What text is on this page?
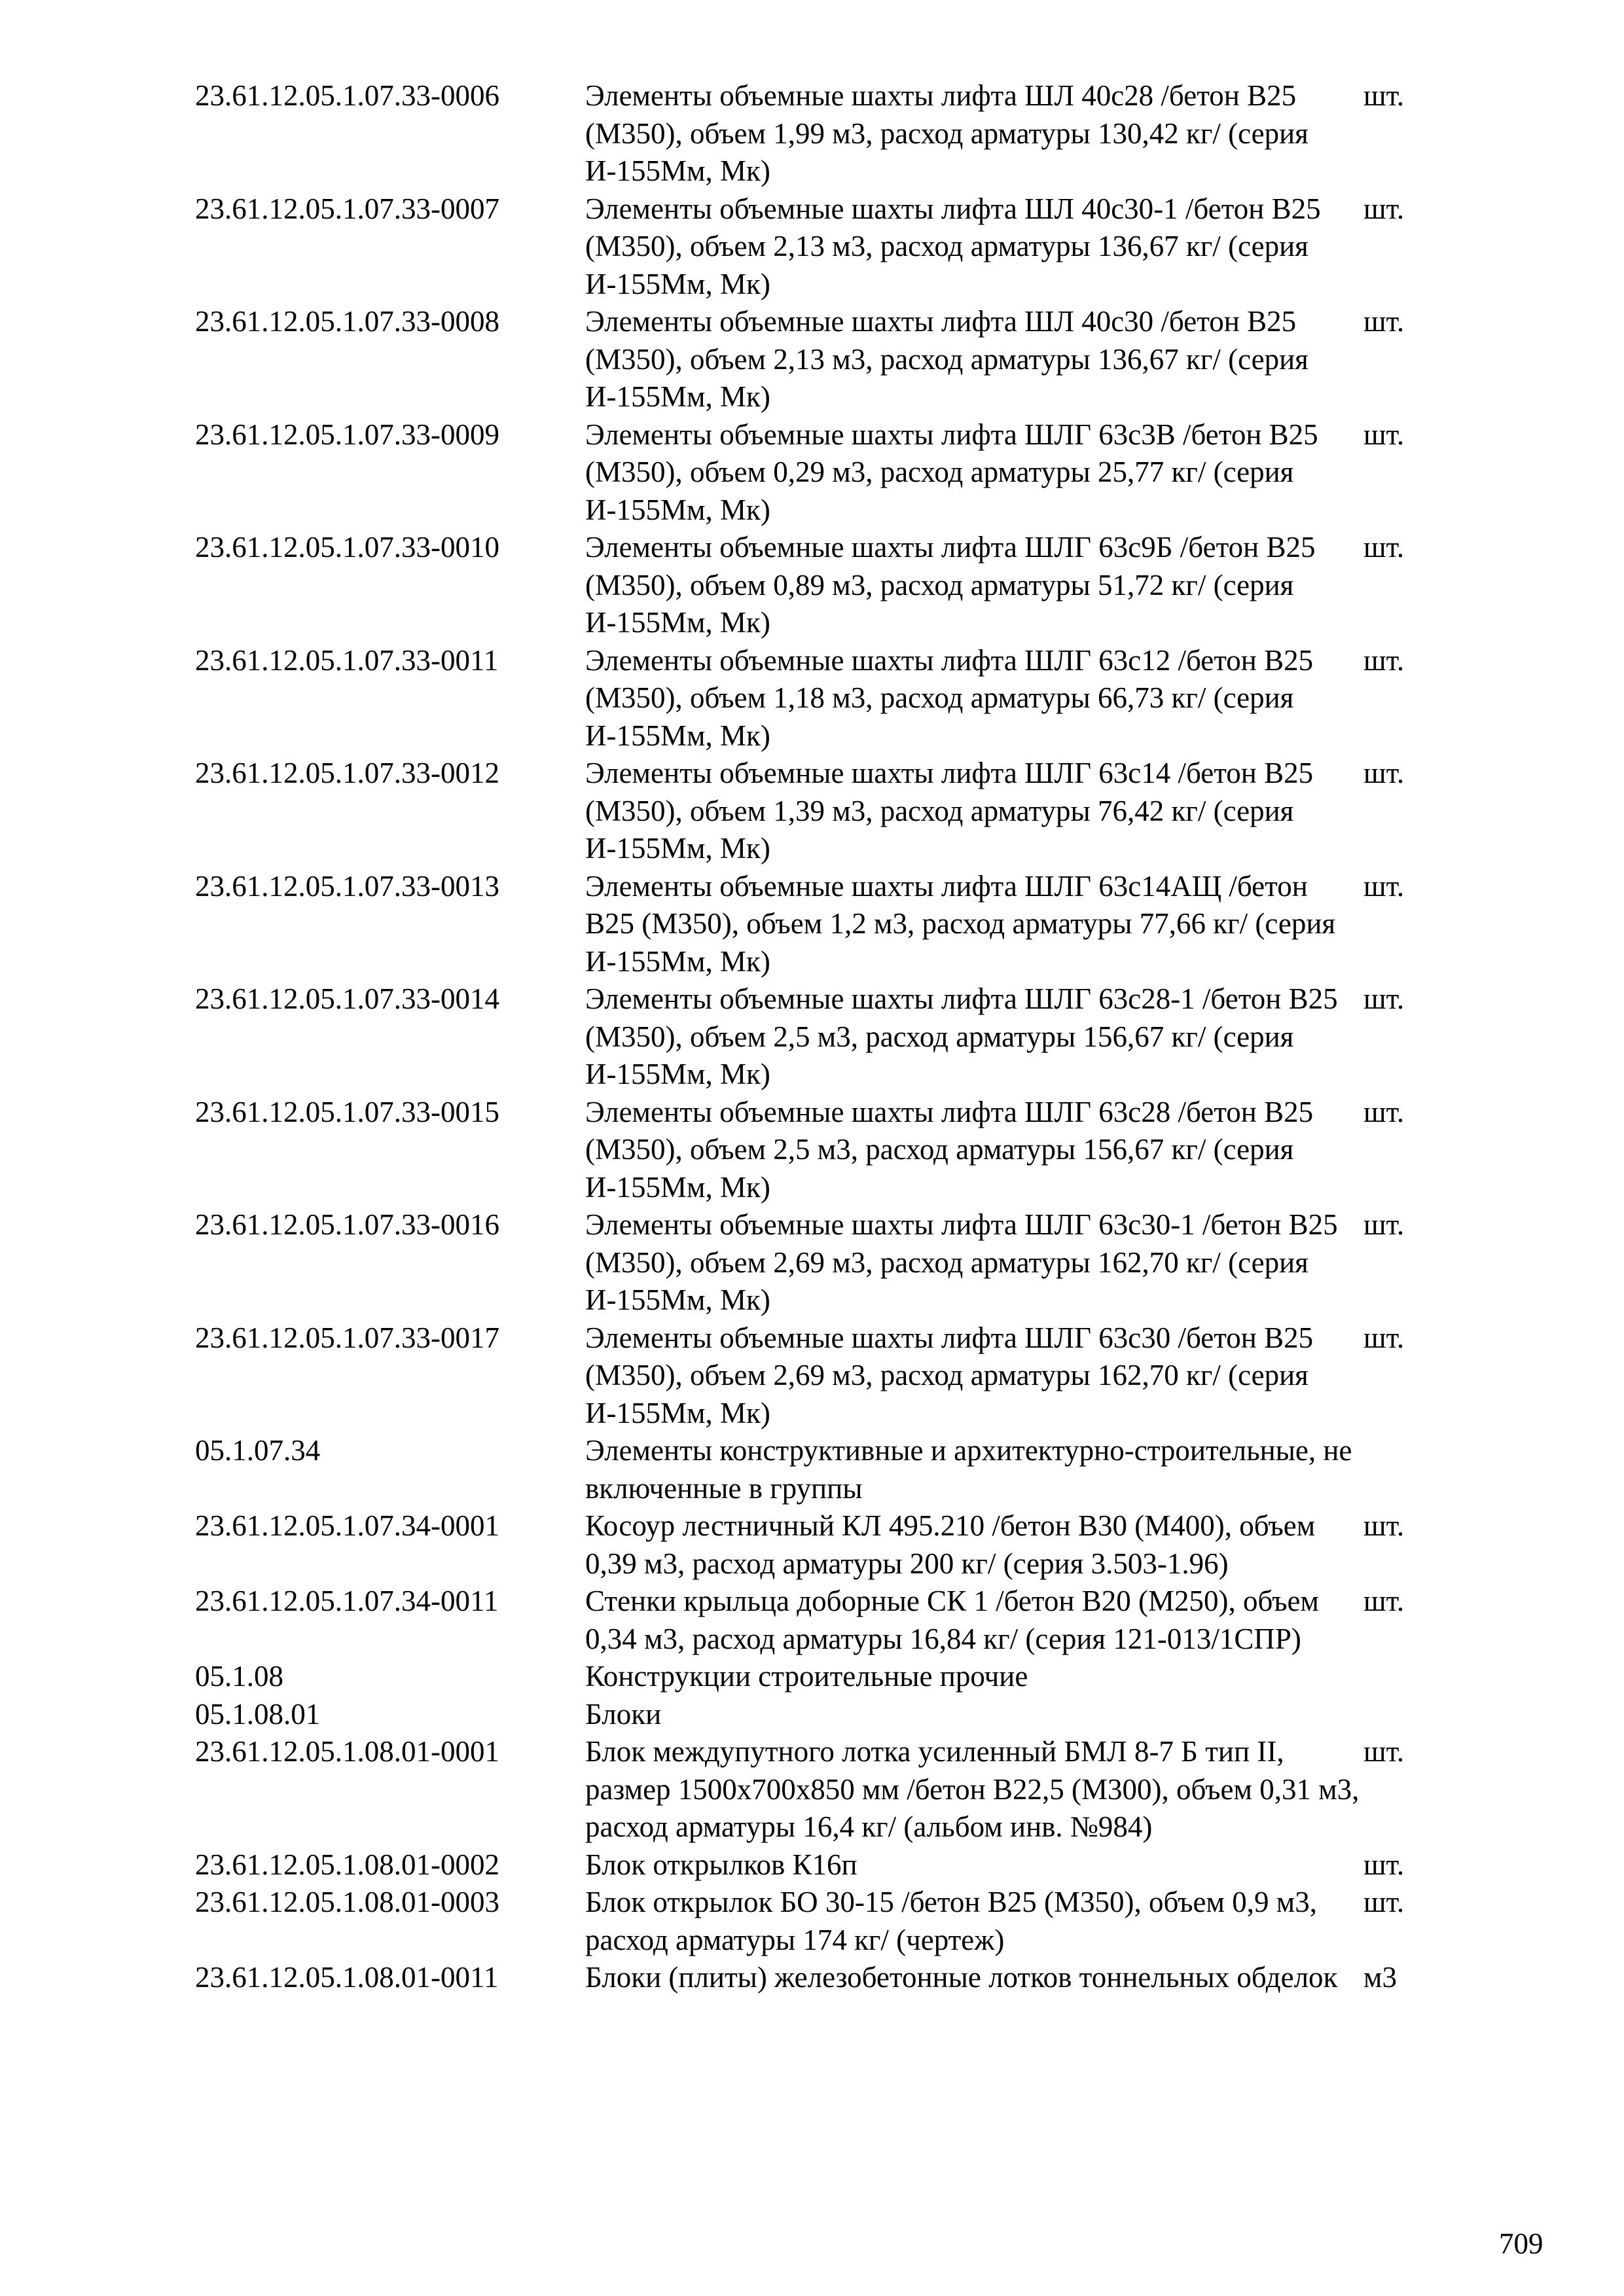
23.61.12.05.1.07.33-0006	Элементы объемные шахты лифта ШЛ 40с28 /бетон В25 (М350), объем 1,99 м3, расход арматуры 130,42 кг/ (серия И-155Мм, Мк)	шт.
23.61.12.05.1.07.33-0007	Элементы объемные шахты лифта ШЛ 40с30-1 /бетон В25 (М350), объем 2,13 м3, расход арматуры 136,67 кг/ (серия И-155Мм, Мк)	шт.
23.61.12.05.1.07.33-0008	Элементы объемные шахты лифта ШЛ 40с30 /бетон В25 (М350), объем 2,13 м3, расход арматуры 136,67 кг/ (серия И-155Мм, Мк)	шт.
23.61.12.05.1.07.33-0009	Элементы объемные шахты лифта ШЛГ 63с3В /бетон В25 (М350), объем 0,29 м3, расход арматуры 25,77 кг/ (серия И-155Мм, Мк)	шт.
23.61.12.05.1.07.33-0010	Элементы объемные шахты лифта ШЛГ 63с9Б /бетон В25 (М350), объем 0,89 м3, расход арматуры 51,72 кг/ (серия И-155Мм, Мк)	шт.
23.61.12.05.1.07.33-0011	Элементы объемные шахты лифта ШЛГ 63с12 /бетон В25 (М350), объем 1,18 м3, расход арматуры 66,73 кг/ (серия И-155Мм, Мк)	шт.
23.61.12.05.1.07.33-0012	Элементы объемные шахты лифта ШЛГ 63с14 /бетон В25 (М350), объем 1,39 м3, расход арматуры 76,42 кг/ (серия И-155Мм, Мк)	шт.
23.61.12.05.1.07.33-0013	Элементы объемные шахты лифта ШЛГ 63с14АЩ /бетон В25 (М350), объем 1,2 м3, расход арматуры 77,66 кг/ (серия И-155Мм, Мк)	шт.
23.61.12.05.1.07.33-0014	Элементы объемные шахты лифта ШЛГ 63с28-1 /бетон В25 (М350), объем 2,5 м3, расход арматуры 156,67 кг/ (серия И-155Мм, Мк)	шт.
23.61.12.05.1.07.33-0015	Элементы объемные шахты лифта ШЛГ 63с28 /бетон В25 (М350), объем 2,5 м3, расход арматуры 156,67 кг/ (серия И-155Мм, Мк)	шт.
23.61.12.05.1.07.33-0016	Элементы объемные шахты лифта ШЛГ 63с30-1 /бетон В25 (М350), объем 2,69 м3, расход арматуры 162,70 кг/ (серия И-155Мм, Мк)	шт.
23.61.12.05.1.07.33-0017	Элементы объемные шахты лифта ШЛГ 63с30 /бетон В25 (М350), объем 2,69 м3, расход арматуры 162,70 кг/ (серия И-155Мм, Мк)	шт.
05.1.07.34	Элементы конструктивные и архитектурно-строительные, не включенные в группы	
23.61.12.05.1.07.34-0001	Косоур лестничный КЛ 495.210 /бетон В30 (М400), объем 0,39 м3, расход арматуры 200 кг/ (серия 3.503-1.96)	шт.
23.61.12.05.1.07.34-0011	Стенки крыльца доборные СК 1 /бетон В20 (М250), объем 0,34 м3, расход арматуры 16,84 кг/ (серия 121-013/1СПР)	шт.
05.1.08	Конструкции строительные прочие	
05.1.08.01	Блоки	
23.61.12.05.1.08.01-0001	Блок междупутного лотка усиленный БМЛ 8-7 Б тип II, размер 1500х700х850 мм /бетон В22,5 (М300), объем 0,31 м3, расход арматуры 16,4 кг/ (альбом инв. №984)	шт.
23.61.12.05.1.08.01-0002	Блок открылков К16п	шт.
23.61.12.05.1.08.01-0003	Блок открылок БО 30-15 /бетон В25 (М350), объем 0,9 м3, расход арматуры 174 кг/ (чертеж)	шт.
23.61.12.05.1.08.01-0011	Блоки (плиты) железобетонные лотков тоннельных обделок	м3
709
